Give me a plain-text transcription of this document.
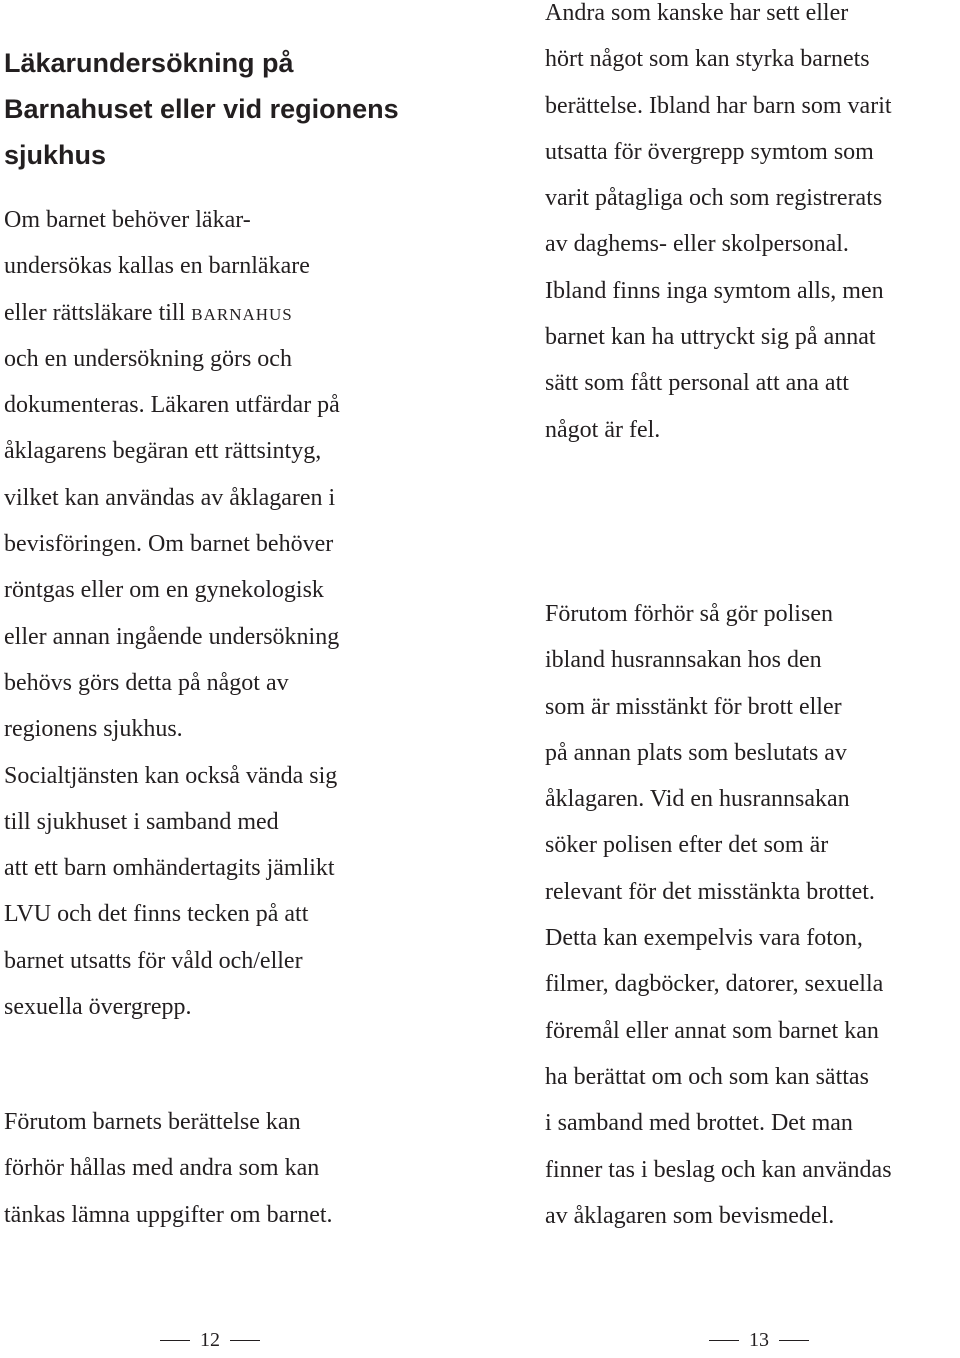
Läkarundersökning på
Barnahuset eller vid regionens
sjukhus
Om barnet behöver läkar-
undersökas kallas en barnläkare
eller rättsläkare till barnahus
och en undersökning görs och
dokumenteras. Läkaren utfärdar på
åklagarens begäran ett rättsintyg,
vilket kan användas av åklagaren i
bevisföringen. Om barnet behöver
röntgas eller om en gynekologisk
eller annan ingående undersökning
behövs görs detta på något av
regionens sjukhus.
Socialtjänsten kan också vända sig
till sjukhuset i samband med
att ett barn omhändertagits jämlikt
LVU och det finns tecken på att
barnet utsatts för våld och/eller
sexuella övergrepp.
Förutom barnets berättelse kan
förhör hållas med andra som kan
tänkas lämna uppgifter om barnet.
12
Andra som kanske har sett eller
hört något som kan styrka barnets
berättelse. Ibland har barn som varit
utsatta för övergrepp symtom som
varit påtagliga och som registrerats
av daghems- eller skolpersonal.
Ibland finns inga symtom alls, men
barnet kan ha uttryckt sig på annat
sätt som fått personal att ana att
något är fel.
Förutom förhör så gör polisen
ibland husrannsakan hos den
som är misstänkt för brott eller
på annan plats som beslutats av
åklagaren. Vid en husrannsakan
söker polisen efter det som är
relevant för det misstänkta brottet.
Detta kan exempelvis vara foton,
filmer, dagböcker, datorer, sexuella
föremål eller annat som barnet kan
ha berättat om och som kan sättas
i samband med brottet. Det man
finner tas i beslag och kan användas
av åklagaren som bevismedel.
13
